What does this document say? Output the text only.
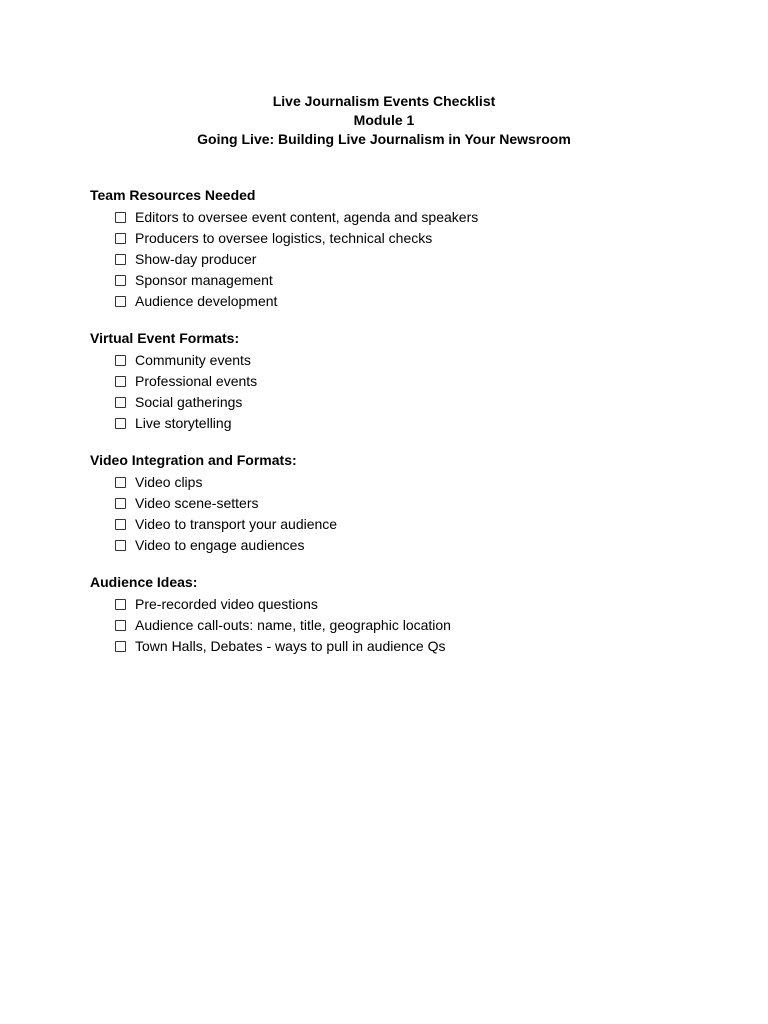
Live Journalism Events Checklist
Module 1
Going Live: Building Live Journalism in Your Newsroom
Team Resources Needed
Editors to oversee event content, agenda and speakers
Producers to oversee logistics, technical checks
Show-day producer
Sponsor management
Audience development
Virtual Event Formats:
Community events
Professional events
Social gatherings
Live storytelling
Video Integration and Formats:
Video clips
Video scene-setters
Video to transport your audience
Video to engage audiences
Audience Ideas:
Pre-recorded video questions
Audience call-outs: name, title, geographic location
Town Halls, Debates - ways to pull in audience Qs
